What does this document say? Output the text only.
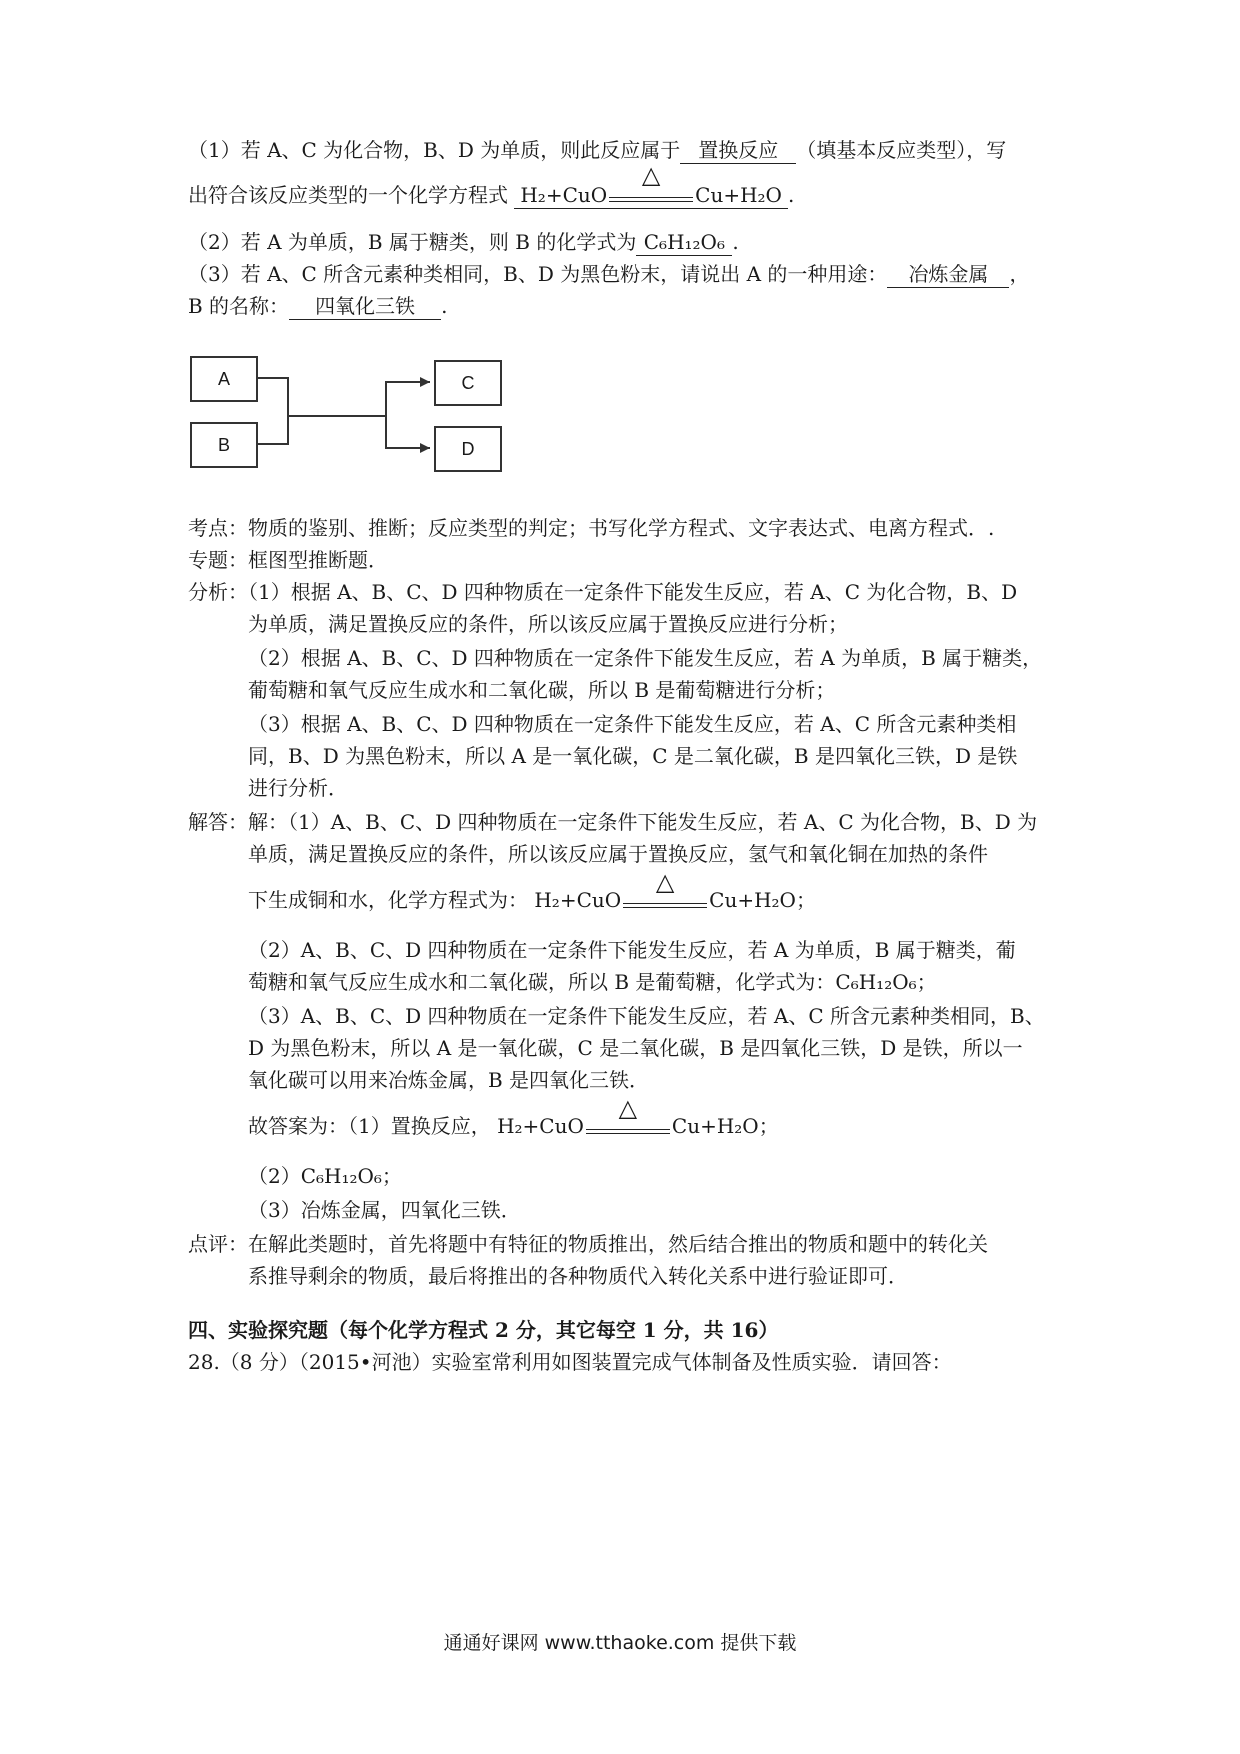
（1）若 A、C 为化合物，B、D 为单质，则此反应属于 置换反应 （填基本反应类型），写
出符合该反应类型的一个化学方程式 H₂+CuO
△
Cu+H₂O .
（2）若 A 为单质，B 属于糖类，则 B 的化学式为 C₆H₁₂O₆ .
（3）若 A、C 所含元素种类相同，B、D 为黑色粉末，请说出 A 的一种用途： 冶炼金属 ，
B 的名称： 四氧化三铁 .
A
B
C
D
考点：物质的鉴别、推断；反应类型的判定；书写化学方程式、文字表达式、电离方程式．.
专题：框图型推断题．
分析：（1）根据 A、B、C、D 四种物质在一定条件下能发生反应，若 A、C 为化合物，B、D
为单质，满足置换反应的条件，所以该反应属于置换反应进行分析；
（2）根据 A、B、C、D 四种物质在一定条件下能发生反应，若 A 为单质，B 属于糖类，
葡萄糖和氧气反应生成水和二氧化碳，所以 B 是葡萄糖进行分析；
（3）根据 A、B、C、D 四种物质在一定条件下能发生反应，若 A、C 所含元素种类相
同，B、D 为黑色粉末，所以 A 是一氧化碳，C 是二氧化碳，B 是四氧化三铁，D 是铁
进行分析．
解答：解：（1）A、B、C、D 四种物质在一定条件下能发生反应，若 A、C 为化合物，B、D 为
单质，满足置换反应的条件，所以该反应属于置换反应，氢气和氧化铜在加热的条件
下生成铜和水，化学方程式为： H₂+CuO
△
Cu+H₂O；
（2）A、B、C、D 四种物质在一定条件下能发生反应，若 A 为单质，B 属于糖类，葡
萄糖和氧气反应生成水和二氧化碳，所以 B 是葡萄糖，化学式为：C₆H₁₂O₆；
（3）A、B、C、D 四种物质在一定条件下能发生反应，若 A、C 所含元素种类相同，B、
D 为黑色粉末，所以 A 是一氧化碳，C 是二氧化碳，B 是四氧化三铁，D 是铁，所以一
氧化碳可以用来冶炼金属，B 是四氧化三铁．
故答案为：（1）置换反应， H₂+CuO
△
Cu+H₂O；
（2）C₆H₁₂O₆；
（3）冶炼金属，四氧化三铁．
点评：在解此类题时，首先将题中有特征的物质推出，然后结合推出的物质和题中的转化关
系推导剩余的物质，最后将推出的各种物质代入转化关系中进行验证即可．
四、实验探究题（每个化学方程式 2 分，其它每空 1 分，共 16）
28.（8 分）（2015•河池）实验室常利用如图装置完成气体制备及性质实验．请回答：
通通好课网 www.tthaoke.com 提供下载
